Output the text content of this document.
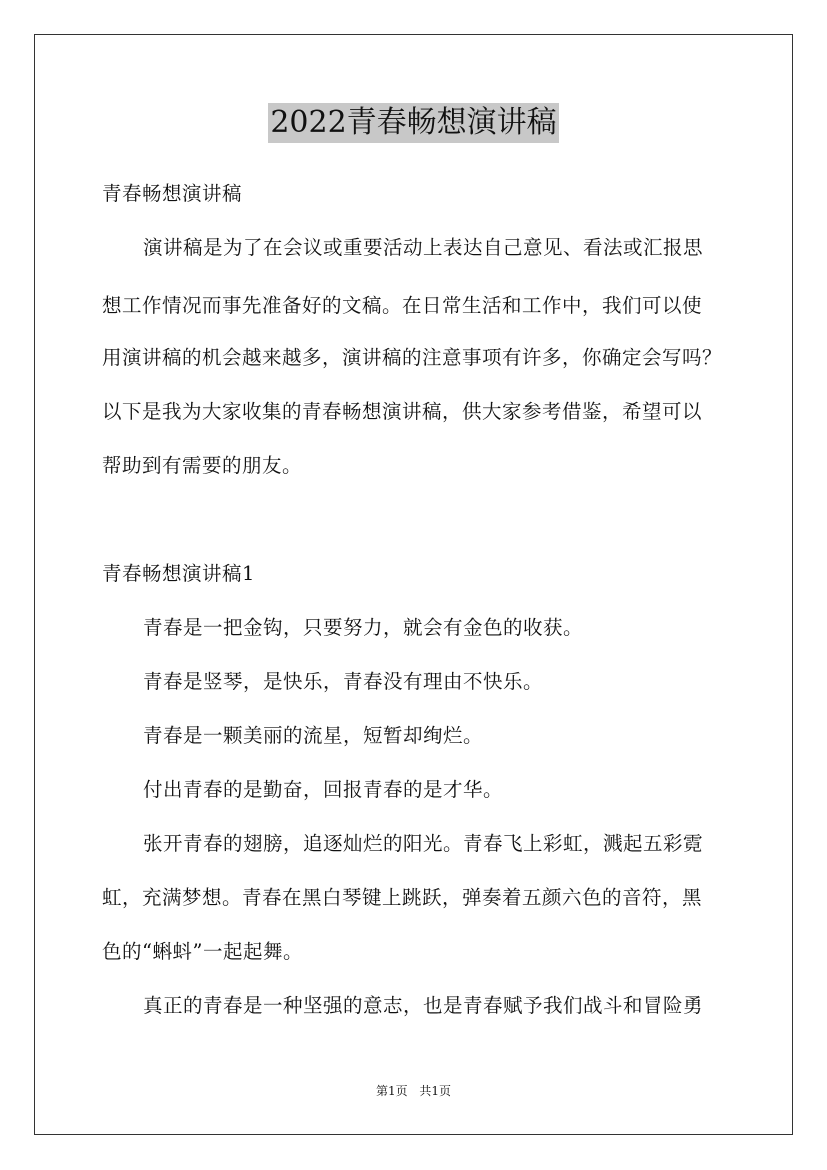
2022青春畅想演讲稿
青春畅想演讲稿
演讲稿是为了在会议或重要活动上表达自己意见、看法或汇报思
想工作情况而事先准备好的文稿。在日常生活和工作中，我们可以使
用演讲稿的机会越来越多，演讲稿的注意事项有许多，你确定会写吗？
以下是我为大家收集的青春畅想演讲稿，供大家参考借鉴，希望可以
帮助到有需要的朋友。
青春畅想演讲稿1
青春是一把金钩，只要努力，就会有金色的收获。
青春是竖琴，是快乐，青春没有理由不快乐。
青春是一颗美丽的流星，短暂却绚烂。
付出青春的是勤奋，回报青春的是才华。
张开青春的翅膀，追逐灿烂的阳光。青春飞上彩虹，溅起五彩霓
虹，充满梦想。青春在黑白琴键上跳跃，弹奏着五颜六色的音符，黑
色的“蝌蚪”一起起舞。
真正的青春是一种坚强的意志，也是青春赋予我们战斗和冒险勇
第1页 共1页
